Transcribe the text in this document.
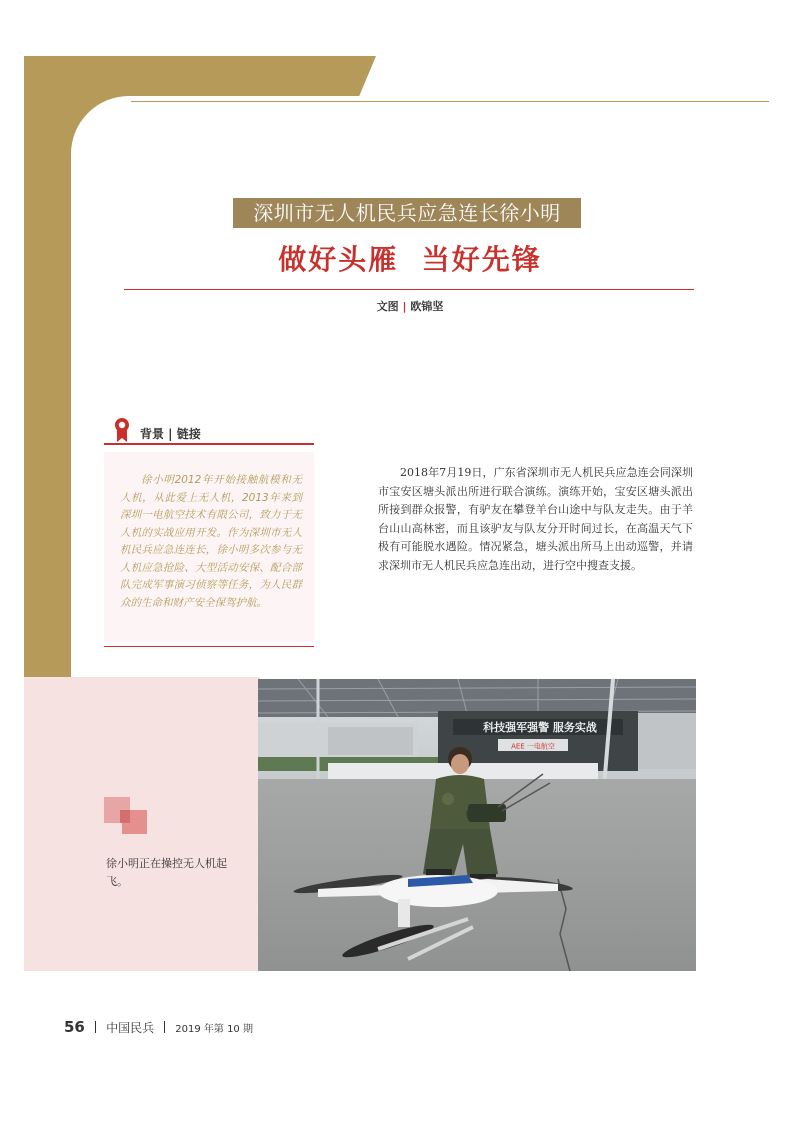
深圳市无人机民兵应急连长徐小明
做好头雁  当好先锋
文图 | 欧锦坚
背景 | 链接

徐小明2012年开始接触航模和无人机，从此爱上无人机，2013年来到深圳一电航空技术有限公司，致力于无人机的实战应用开发。作为深圳市无人机民兵应急连连长，徐小明多次参与无人机应急抢险、大型活动安保、配合部队完成军事演习侦察等任务，为人民群众的生命和财产安全保驾护航。

2018年7月19日，广东省深圳市无人机民兵应急连会同深圳市宝安区塘头派出所进行联合演练。演练开始，宝安区塘头派出所接到群众报警，有驴友在攀登羊台山途中与队友走失。由于羊台山山高林密，而且该驴友与队友分开时间过长，在高温天气下极有可能脱水遇险。情况紧急，塘头派出所马上出动巡警，并请求深圳市无人机民兵应急连出动，进行空中搜查支援。

徐小明正在操控无人机起飞。

科技强军强警 服务实战
AEE 一电航空
56 中国民兵 2019 年第 10 期
